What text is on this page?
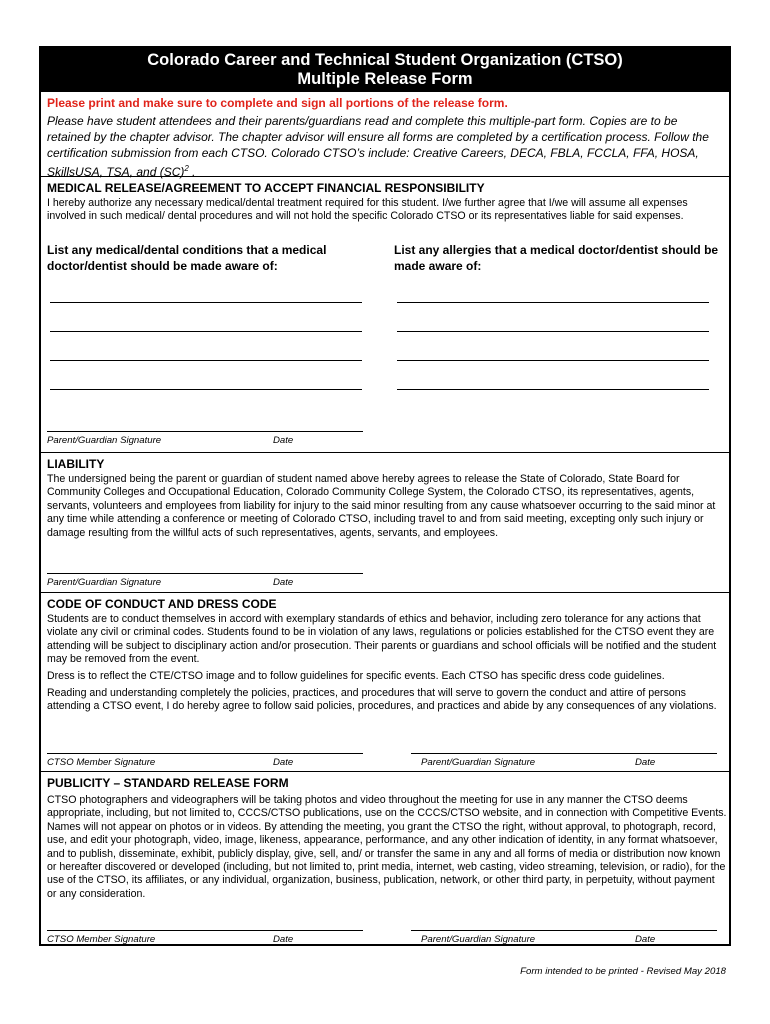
Colorado Career and Technical Student Organization (CTSO)
Multiple Release Form
Please print and make sure to complete and sign all portions of the release form.
Please have student attendees and their parents/guardians read and complete this multiple-part form. Copies are to be retained by the chapter advisor. The chapter advisor will ensure all forms are completed by a certification process. Follow the certification submission from each CTSO. Colorado CTSO’s include: Creative Careers, DECA, FBLA, FCCLA, FFA, HOSA, SkillsUSA, TSA, and (SC)$^2$ .
MEDICAL RELEASE/AGREEMENT TO ACCEPT FINANCIAL RESPONSIBILITY
I hereby authorize any necessary medical/dental treatment required for this student. I/we further agree that I/we will assume all expenses involved in such medical/ dental procedures and will not hold the specific Colorado CTSO or its representatives liable for said expenses.
List any medical/dental conditions that a medical doctor/dentist should be made aware of:
List any allergies that a medical doctor/dentist should be made aware of:
Parent/Guardian Signature	Date
LIABILITY
The undersigned being the parent or guardian of student named above hereby agrees to release the State of Colorado, State Board for Community Colleges and Occupational Education, Colorado Community College System, the Colorado CTSO, its representatives, agents, servants, volunteers and employees from liability for injury to the said minor resulting from any cause whatsoever occurring to the said minor at any time while attending a conference or meeting of Colorado CTSO, including travel to and from said meeting, excepting only such injury or damage resulting from the willful acts of such representatives, agents, servants, and employees.
Parent/Guardian Signature	Date
CODE OF CONDUCT AND DRESS CODE
Students are to conduct themselves in accord with exemplary standards of ethics and behavior, including zero tolerance for any actions that violate any civil or criminal codes. Students found to be in violation of any laws, regulations or policies established for the CTSO event they are attending will be subject to disciplinary action and/or prosecution. Their parents or guardians and school officials will be notified and the student may be removed from the event.
Dress is to reflect the CTE/CTSO image and to follow guidelines for specific events. Each CTSO has specific dress code guidelines.
Reading and understanding completely the policies, practices, and procedures that will serve to govern the conduct and attire of persons attending a CTSO event, I do hereby agree to follow said policies, procedures, and practices and abide by any consequences of any violations.
CTSO Member Signature	Date	Parent/Guardian Signature	Date
PUBLICITY – STANDARD RELEASE FORM
CTSO photographers and videographers will be taking photos and video throughout the meeting for use in any manner the CTSO deems appropriate, including, but not limited to, CCCS/CTSO publications, use on the CCCS/CTSO website, and in connection with Competitive Events. Names will not appear on photos or in videos. By attending the meeting, you grant the CTSO the right, without approval, to photograph, record, use, and edit your photograph, video, image, likeness, appearance, performance, and any other indication of identity, in any format whatsoever, and to publish, disseminate, exhibit, publicly display, give, sell, and/ or transfer the same in any and all forms of media or distribution now known or hereafter discovered or developed (including, but not limited to, print media, internet, web casting, video streaming, television, or radio), for the use of the CTSO, its affiliates, or any individual, organization, business, publication, network, or other third party, in perpetuity, without payment or any consideration.
CTSO Member Signature	Date	Parent/Guardian Signature	Date
Form intended to be printed - Revised May 2018
